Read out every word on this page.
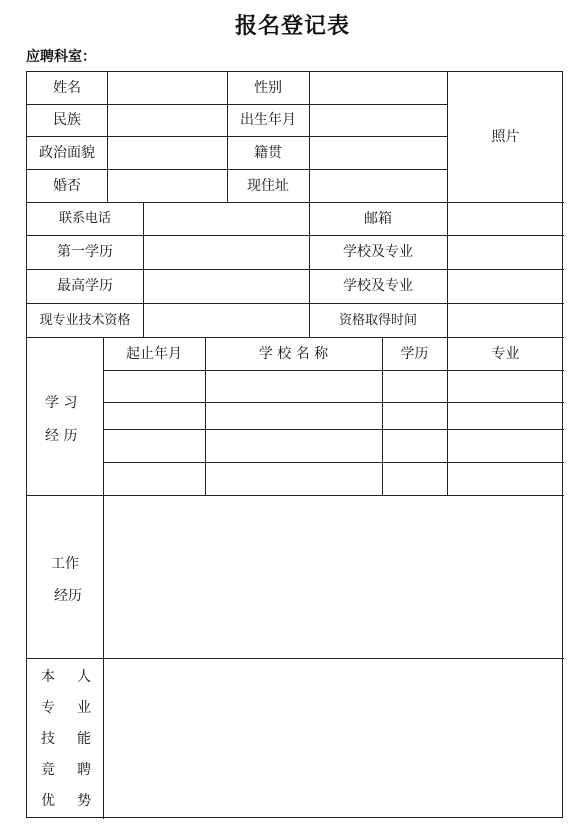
报名登记表
应聘科室：
姓名	性别
民族	出生年月
政治面貌	籍贯
婚否	现住址
照片
联系电话	邮箱
第一学历	学校及专业
最高学历	学校及专业
现专业技术资格	资格取得时间
学 习
经 历
起止年月	学 校 名 称	学历	专业
工作
经历
本 人
专 业
技 能
竞 聘
优 势
